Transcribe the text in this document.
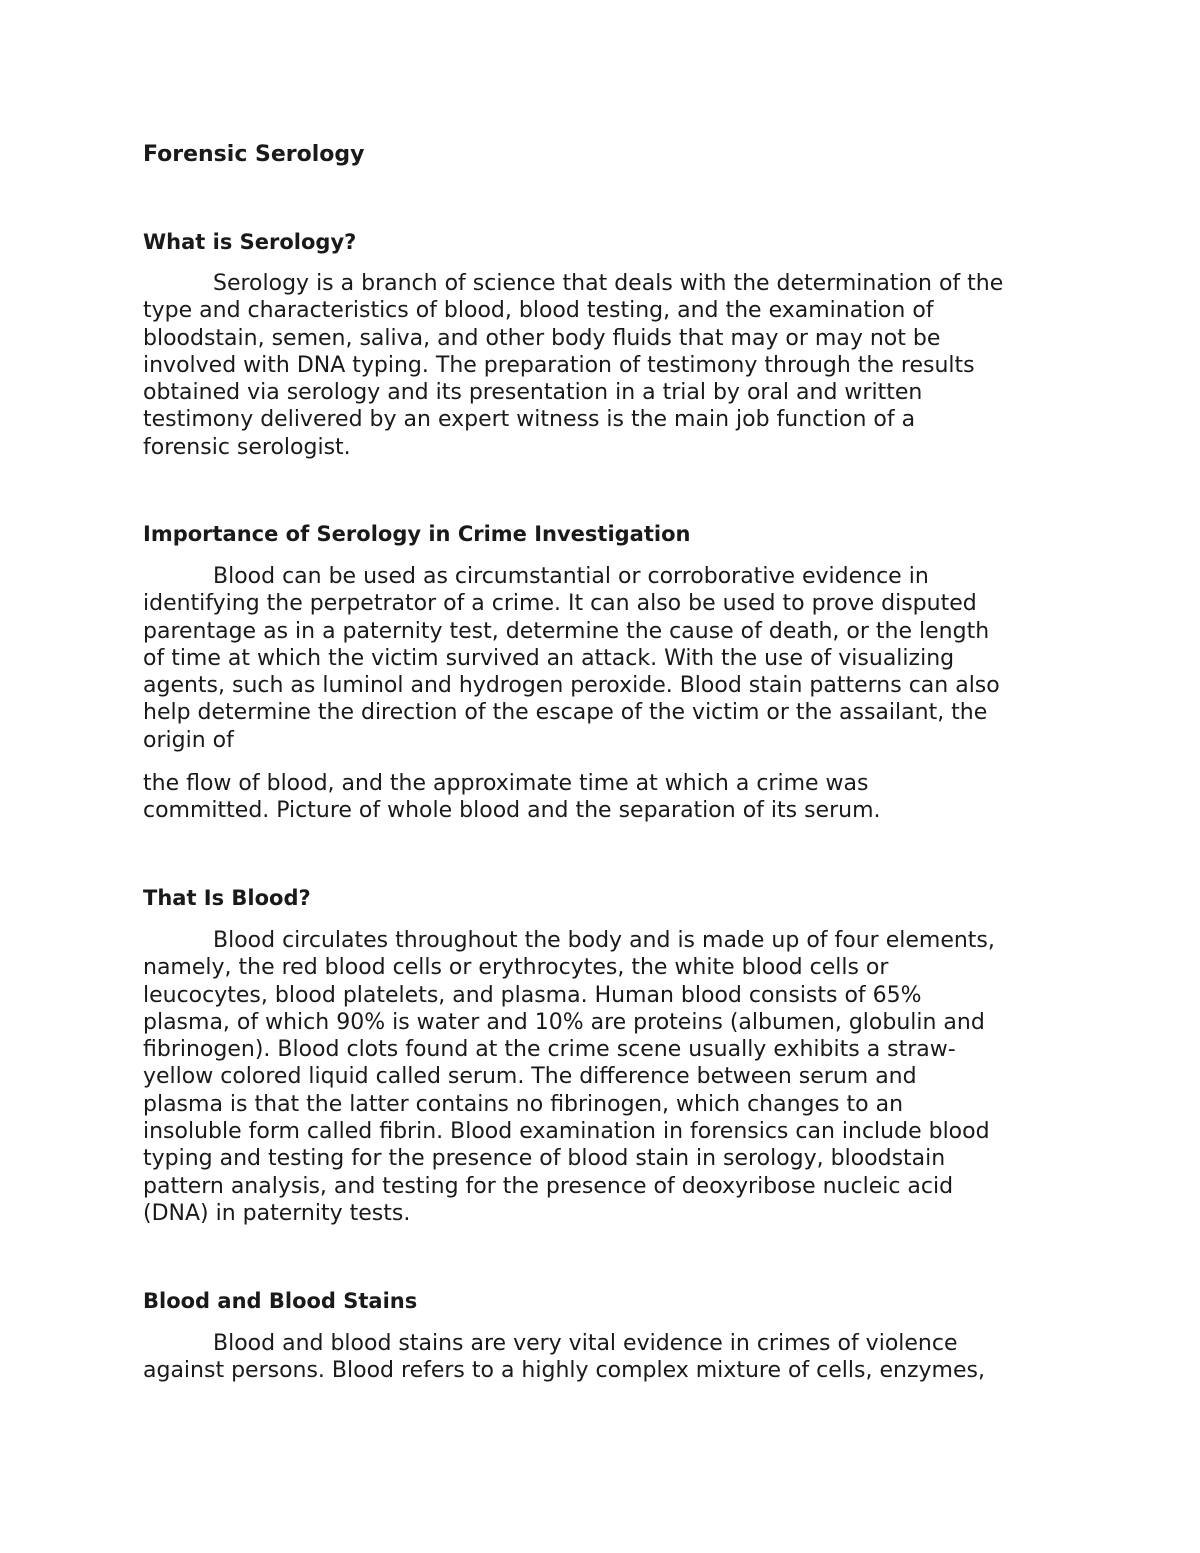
Forensic Serology
What is Serology?

Serology is a branch of science that deals with the determination of the
type and characteristics of blood, blood testing, and the examination of
bloodstain, semen, saliva, and other body fluids that may or may not be
involved with DNA typing. The preparation of testimony through the results
obtained via serology and its presentation in a trial by oral and written
testimony delivered by an expert witness is the main job function of a
forensic serologist.

Importance of Serology in Crime Investigation

Blood can be used as circumstantial or corroborative evidence in
identifying the perpetrator of a crime. It can also be used to prove disputed
parentage as in a paternity test, determine the cause of death, or the length
of time at which the victim survived an attack. With the use of visualizing
agents, such as luminol and hydrogen peroxide. Blood stain patterns can also
help determine the direction of the escape of the victim or the assailant, the
origin of

the flow of blood, and the approximate time at which a crime was
committed. Picture of whole blood and the separation of its serum.

That Is Blood?

Blood circulates throughout the body and is made up of four elements,
namely, the red blood cells or erythrocytes, the white blood cells or
leucocytes, blood platelets, and plasma. Human blood consists of 65%
plasma, of which 90% is water and 10% are proteins (albumen, globulin and
fibrinogen). Blood clots found at the crime scene usually exhibits a straw-
yellow colored liquid called serum. The difference between serum and
plasma is that the latter contains no fibrinogen, which changes to an
insoluble form called fibrin. Blood examination in forensics can include blood
typing and testing for the presence of blood stain in serology, bloodstain
pattern analysis, and testing for the presence of deoxyribose nucleic acid
(DNA) in paternity tests.

Blood and Blood Stains

Blood and blood stains are very vital evidence in crimes of violence
against persons. Blood refers to a highly complex mixture of cells, enzymes,
